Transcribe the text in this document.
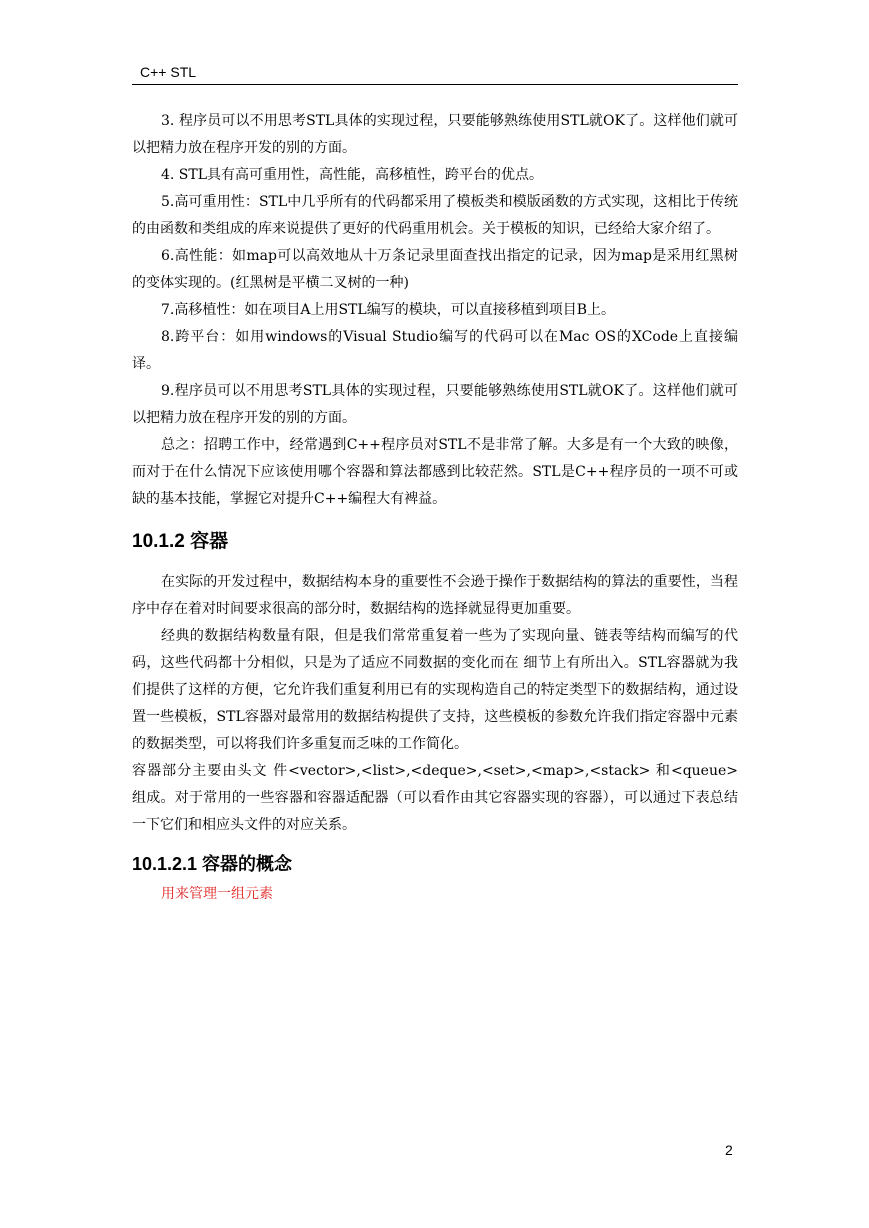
C++ STL

3. 程序员可以不用思考STL具体的实现过程，只要能够熟练使用STL就OK了。这样他们就可以把精力放在程序开发的别的方面。

4. STL具有高可重用性，高性能，高移植性，跨平台的优点。

5.高可重用性：STL中几乎所有的代码都采用了模板类和模版函数的方式实现，这相比于传统的由函数和类组成的库来说提供了更好的代码重用机会。关于模板的知识，已经给大家介绍了。

6.高性能：如map可以高效地从十万条记录里面查找出指定的记录，因为map是采用红黑树的变体实现的。(红黑树是平横二叉树的一种)

7.高移植性：如在项目A上用STL编写的模块，可以直接移植到项目B上。

8.跨平台：如用windows的Visual Studio编写的代码可以在Mac OS的XCode上直接编译。

9.程序员可以不用思考STL具体的实现过程，只要能够熟练使用STL就OK了。这样他们就可以把精力放在程序开发的别的方面。

总之：招聘工作中，经常遇到C++程序员对STL不是非常了解。大多是有一个大致的映像，而对于在什么情况下应该使用哪个容器和算法都感到比较茫然。STL是C++程序员的一项不可或缺的基本技能，掌握它对提升C++编程大有裨益。

10.1.2 容器

在实际的开发过程中，数据结构本身的重要性不会逊于操作于数据结构的算法的重要性，当程序中存在着对时间要求很高的部分时，数据结构的选择就显得更加重要。

经典的数据结构数量有限，但是我们常常重复着一些为了实现向量、链表等结构而编写的代码，这些代码都十分相似，只是为了适应不同数据的变化而在 细节上有所出入。STL容器就为我们提供了这样的方便，它允许我们重复利用已有的实现构造自己的特定类型下的数据结构，通过设置一些模板，STL容器对最常用的数据结构提供了支持，这些模板的参数允许我们指定容器中元素的数据类型，可以将我们许多重复而乏味的工作简化。

容器部分主要由头文 件<vector>,<list>,<deque>,<set>,<map>,<stack> 和<queue>组成。对于常用的一些容器和容器适配器（可以看作由其它容器实现的容器），可以通过下表总结一下它们和相应头文件的对应关系。

10.1.2.1 容器的概念

用来管理一组元素

2
